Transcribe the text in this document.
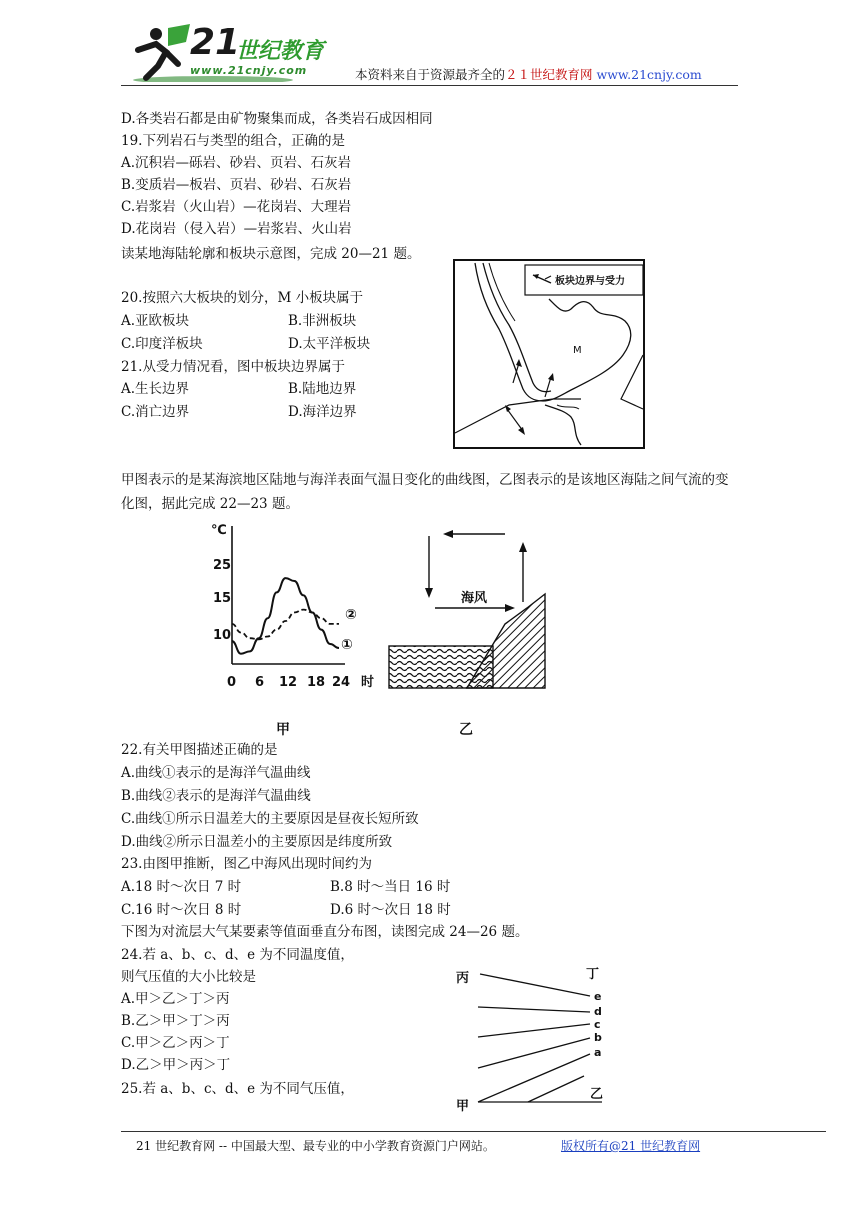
21
世纪教育
www.21cnjy.com	本资料来自于资源最齐全的２１世纪教育网 www.21cnjy.com
D.各类岩石都是由矿物聚集而成，各类岩石成因相同
19.下列岩石与类型的组合，正确的是
A.沉积岩—砾岩、砂岩、页岩、石灰岩
B.变质岩—板岩、页岩、砂岩、石灰岩
C.岩浆岩（火山岩）—花岗岩、大理岩
D.花岗岩（侵入岩）—岩浆岩、火山岩
读某地海陆轮廓和板块示意图，完成 20—21 题。
20.按照六大板块的划分，M 小板块属于
A.亚欧板块	B.非洲板块
C.印度洋板块	D.太平洋板块
21.从受力情况看，图中板块边界属于
A.生长边界	B.陆地边界
C.消亡边界	D.海洋边界
板块边界与受力
M
甲图表示的是某海滨地区陆地与海洋表面气温日变化的曲线图，乙图表示的是该地区海陆之间气流的变化图，据此完成 22—23 题。
℃
25
15
10
0 6 12 18 24 时
①
②
甲
海风
乙
22.有关甲图描述正确的是
A.曲线①表示的是海洋气温曲线
B.曲线②表示的是海洋气温曲线
C.曲线①所示日温差大的主要原因是昼夜长短所致
D.曲线②所示日温差小的主要原因是纬度所致
23.由图甲推断，图乙中海风出现时间约为
A.18 时～次日 7 时	B.8 时～当日 16 时
C.16 时～次日 8 时	D.6 时～次日 18 时
下图为对流层大气某要素等值面垂直分布图，读图完成 24—26 题。
24.若 a、b、c、d、e 为不同温度值，
则气压值的大小比较是
A.甲＞乙＞丁＞丙
B.乙＞甲＞丁＞丙
C.甲＞乙＞丙＞丁
D.乙＞甲＞丙＞丁
25.若 a、b、c、d、e 为不同气压值，
丙	丁
e
d
c
b
a
甲
乙
21 世纪教育网 -- 中国最大型、最专业的中小学教育资源门户网站。	版权所有@21 世纪教育网
